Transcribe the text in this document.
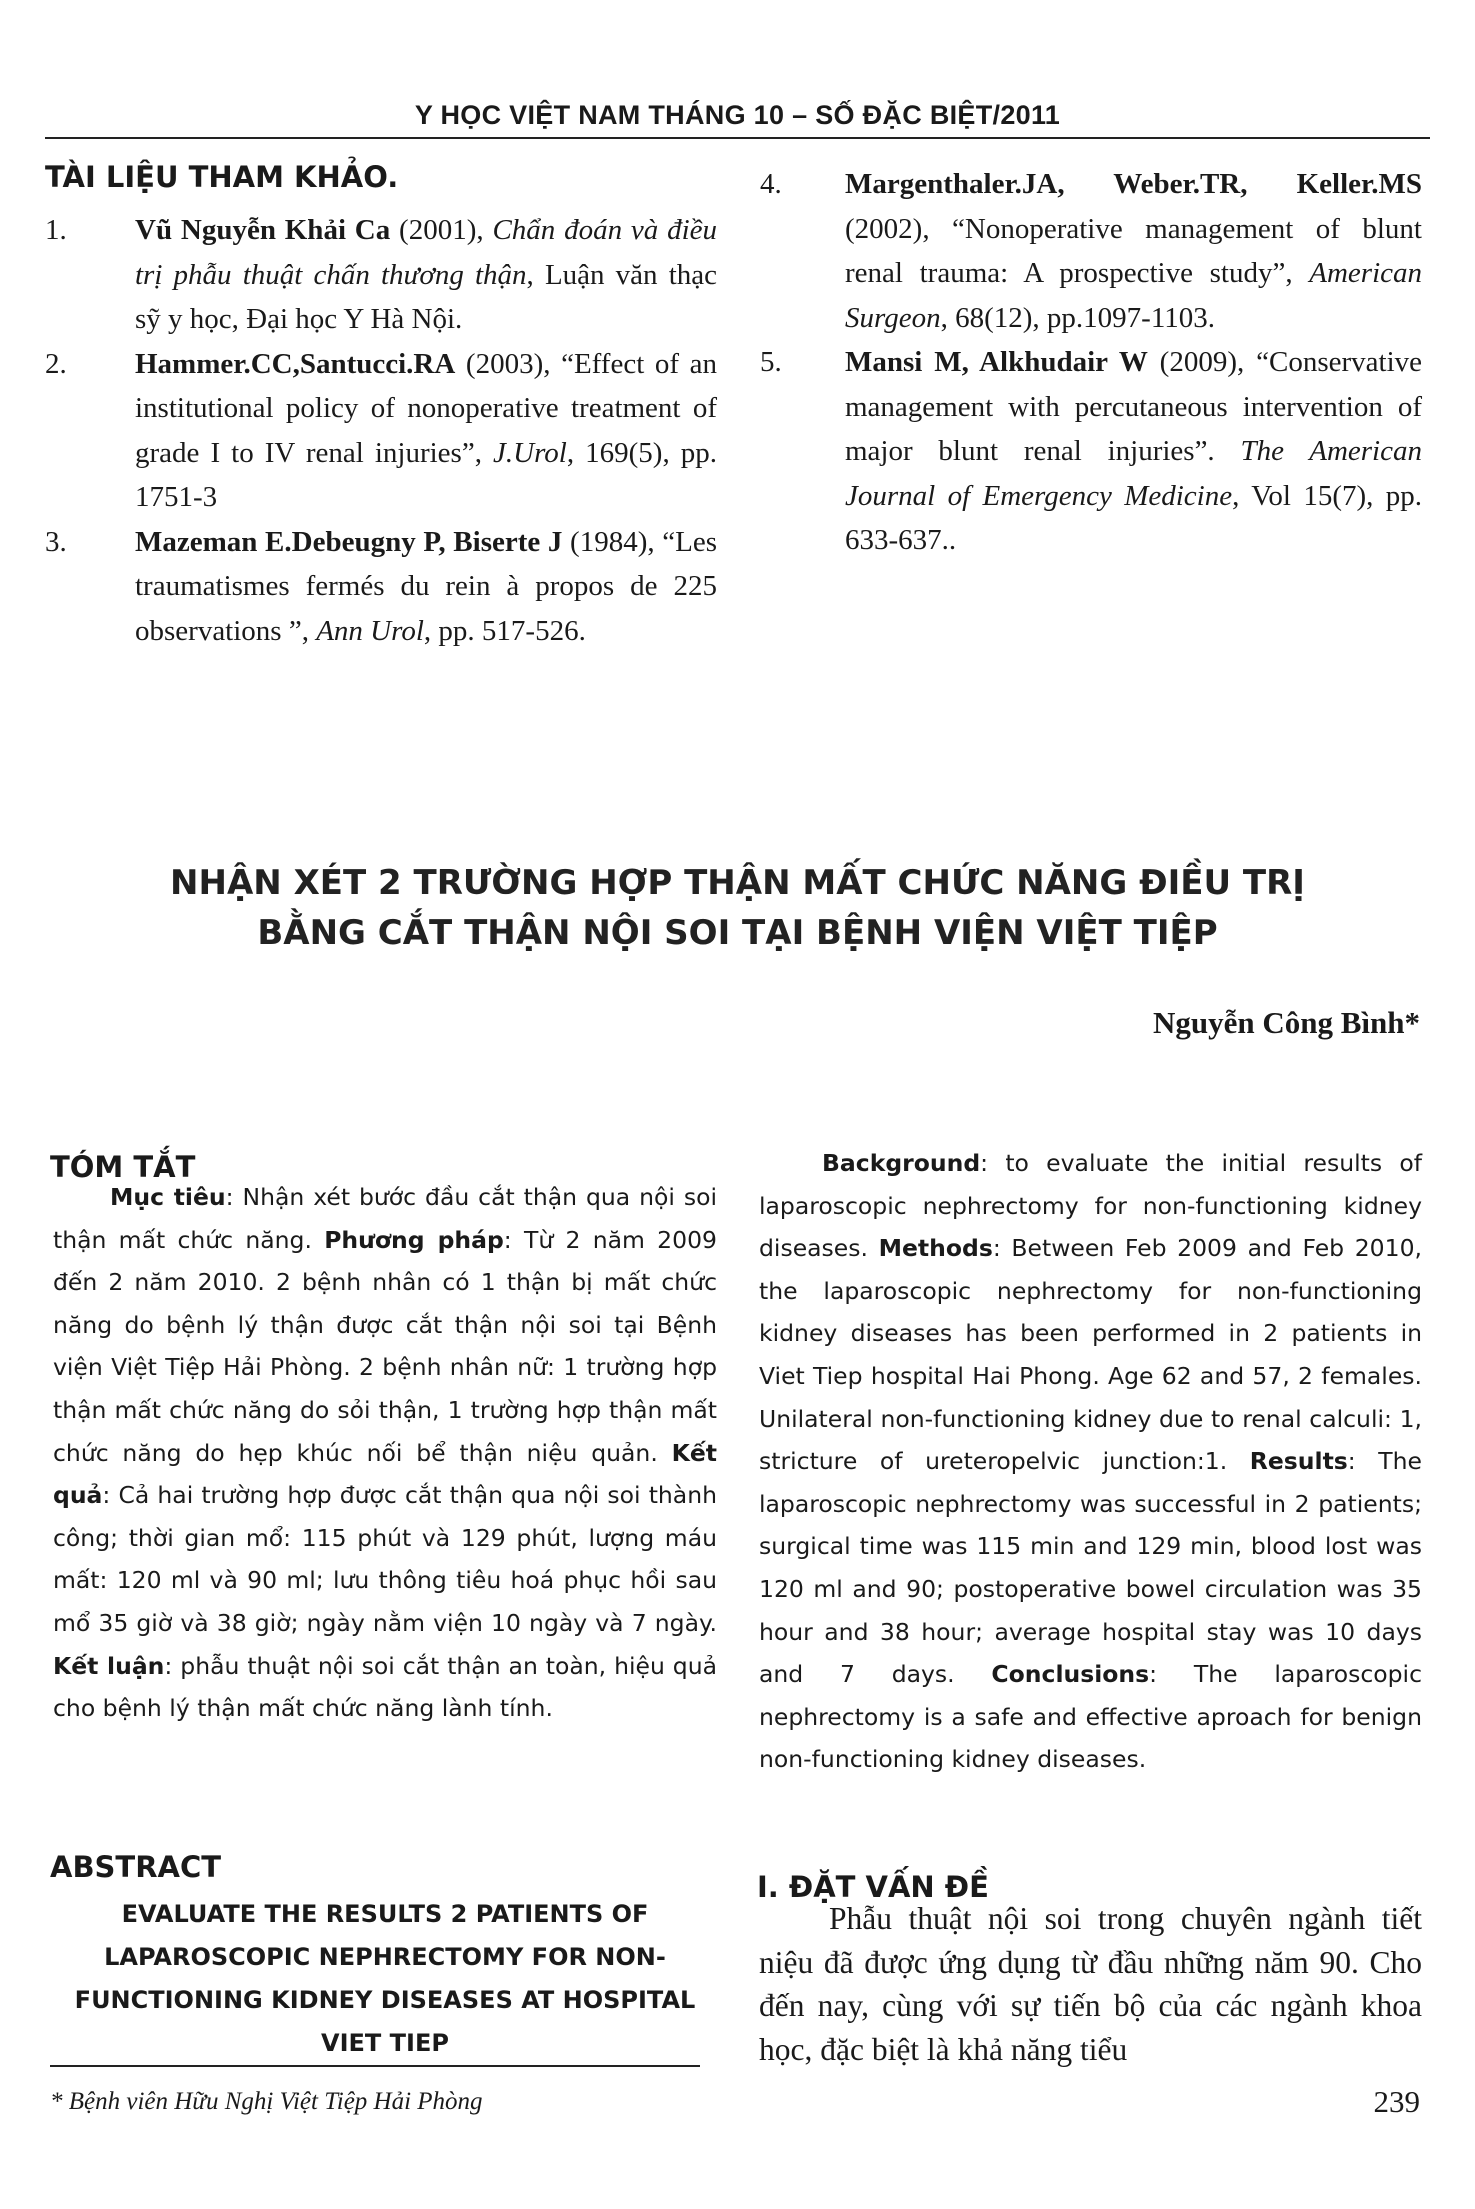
Y HỌC VIỆT NAM THÁNG 10 – SỐ ĐẶC BIỆT/2011
TÀI LIỆU THAM KHẢO.
1. Vũ Nguyễn Khải Ca (2001), Chẩn đoán và điều trị phẫu thuật chấn thương thận, Luận văn thạc sỹ y học, Đại học Y Hà Nội.
2. Hammer.CC,Santucci.RA (2003), “Effect of an institutional policy of nonoperative treatment of grade I to IV renal injuries”, J.Urol, 169(5), pp. 1751-3
3. Mazeman E.Debeugny P, Biserte J (1984), “Les traumatismes fermés du rein à propos de 225 observations ”, Ann Urol, pp. 517-526.
4. Margenthaler.JA, Weber.TR, Keller.MS (2002), “Nonoperative management of blunt renal trauma: A prospective study”, American Surgeon, 68(12), pp.1097-1103.
5. Mansi M, Alkhudair W (2009), “Conservative management with percutaneous intervention of major blunt renal injuries”. The American Journal of Emergency Medicine, Vol 15(7), pp. 633-637..
NHẬN XÉT 2 TRƯỜNG HỢP THẬN MẤT CHỨC NĂNG ĐIỀU TRỊ
BẰNG CẮT THẬN NỘI SOI TẠI BỆNH VIỆN VIỆT TIỆP
Nguyễn Công Bình*
TÓM TẮT
Mục tiêu: Nhận xét bước đầu cắt thận qua nội soi thận mất chức năng. Phương pháp: Từ 2 năm 2009 đến 2 năm 2010. 2 bệnh nhân có 1 thận bị mất chức năng do bệnh lý thận được cắt thận nội soi tại Bệnh viện Việt Tiệp Hải Phòng. 2 bệnh nhân nữ: 1 trường hợp thận mất chức năng do sỏi thận, 1 trường hợp thận mất chức năng do hẹp khúc nối bể thận niệu quản. Kết quả: Cả hai trường hợp được cắt thận qua nội soi thành công; thời gian mổ: 115 phút và 129 phút, lượng máu mất: 120 ml và 90 ml; lưu thông tiêu hoá phục hồi sau mổ 35 giờ và 38 giờ; ngày nằm viện 10 ngày và 7 ngày. Kết luận: phẫu thuật nội soi cắt thận an toàn, hiệu quả cho bệnh lý thận mất chức năng lành tính.
Background: to evaluate the initial results of laparoscopic nephrectomy for non-functioning kidney diseases. Methods: Between Feb 2009 and Feb 2010, the laparoscopic nephrectomy for non-functioning kidney diseases has been performed in 2 patients in Viet Tiep hospital Hai Phong. Age 62 and 57, 2 females. Unilateral non-functioning kidney due to renal calculi: 1, stricture of ureteropelvic junction:1. Results: The laparoscopic nephrectomy was successful in 2 patients; surgical time was 115 min and 129 min, blood lost was 120 ml and 90; postoperative bowel circulation was 35 hour and 38 hour; average hospital stay was 10 days and 7 days. Conclusions: The laparoscopic nephrectomy is a safe and effective aproach for benign non-functioning kidney diseases.
ABSTRACT
EVALUATE THE RESULTS 2 PATIENTS OF LAPAROSCOPIC NEPHRECTOMY FOR NON-FUNCTIONING KIDNEY DISEASES AT HOSPITAL VIET TIEP
I. ĐẶT VẤN ĐỀ
Phẫu thuật nội soi trong chuyên ngành tiết niệu đã được ứng dụng từ đầu những năm 90. Cho đến nay, cùng với sự tiến bộ của các ngành khoa học, đặc biệt là khả năng tiểu
* Bệnh viên Hữu Nghị Việt Tiệp Hải Phòng	239
